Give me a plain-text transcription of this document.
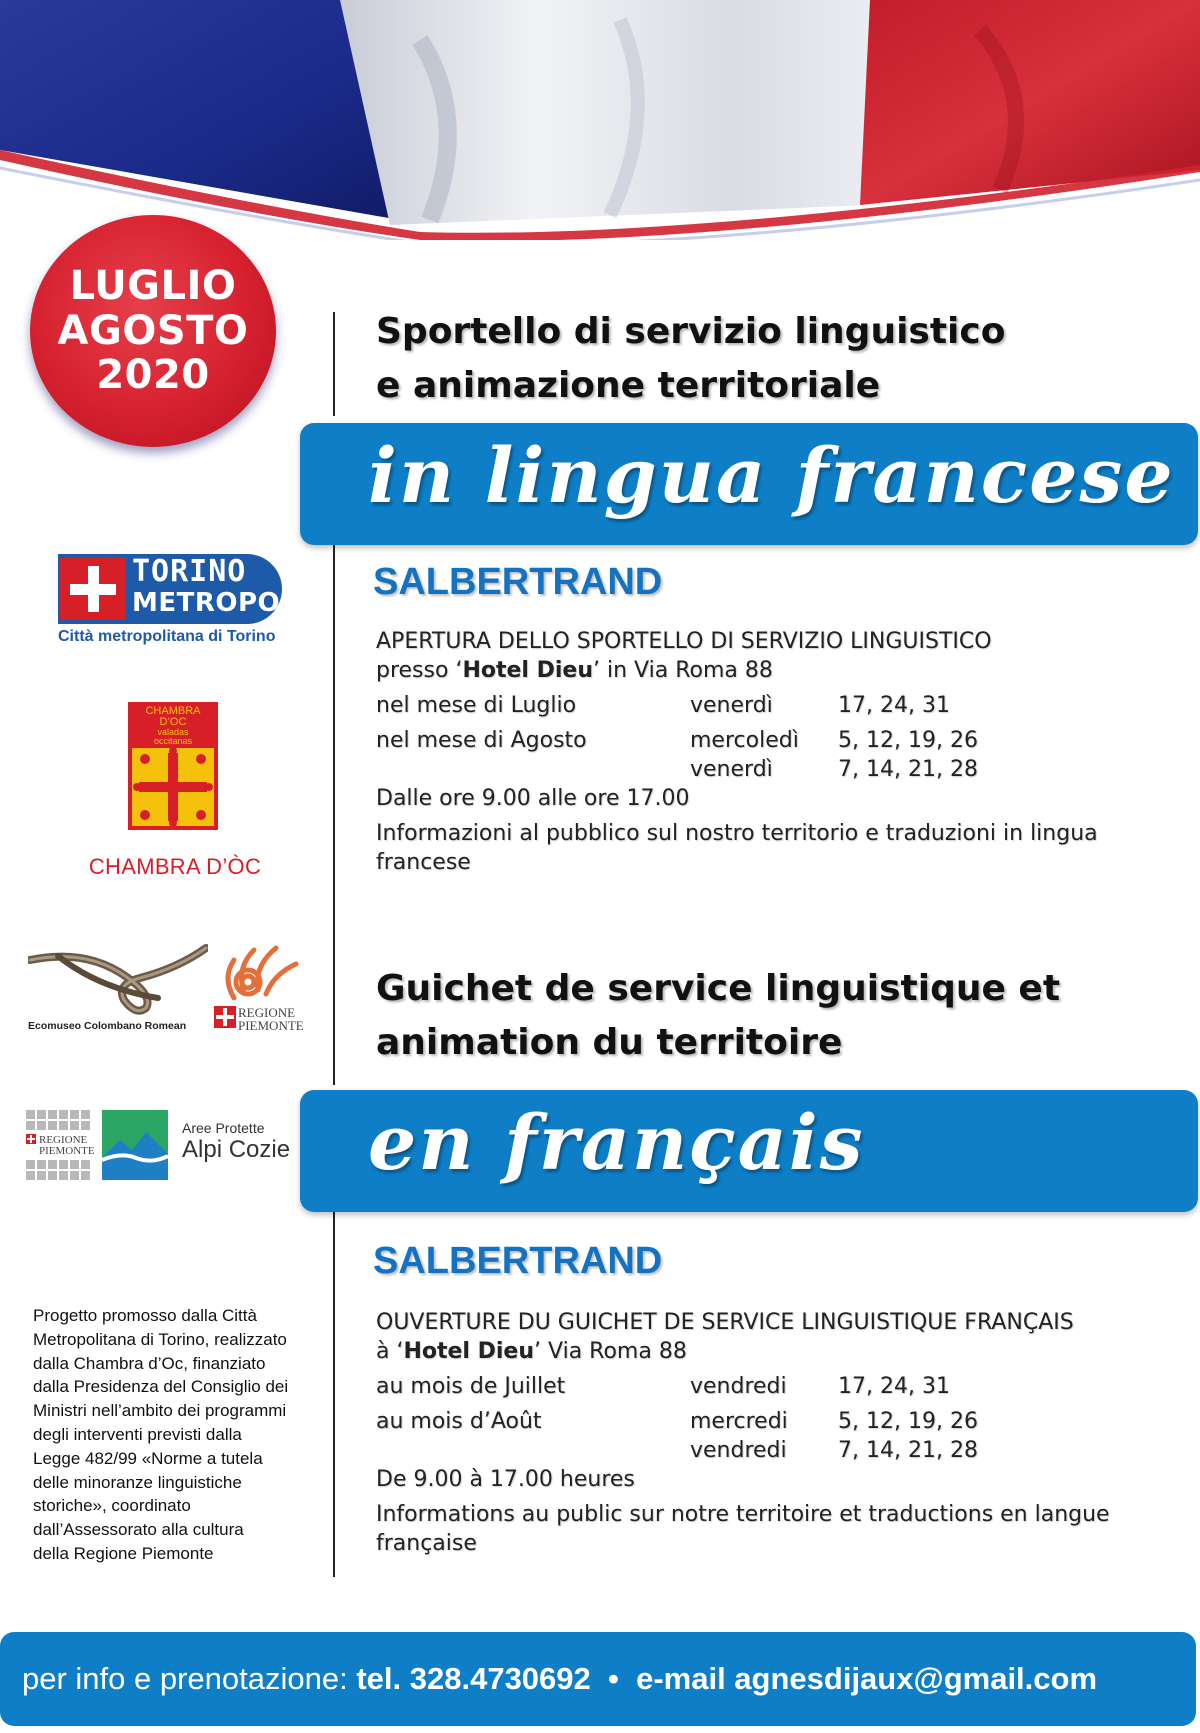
LUGLIO
AGOSTO
2020
Sportello di servizio linguistico
e animazione territoriale
in lingua francese
SALBERTRAND
APERTURA DELLO SPORTELLO DI SERVIZIO LINGUISTICO
presso ‘Hotel Dieu’ in Via Roma 88
nel mese di Luglio	venerdì	17, 24, 31
nel mese di Agosto	mercoledì	5, 12, 19, 26
venerdì	7, 14, 21, 28
Dalle ore 9.00 alle ore 17.00
Informazioni al pubblico sul nostro territorio e traduzioni in lingua
francese
Guichet de service linguistique et
animation du territoire
en français
SALBERTRAND
OUVERTURE DU GUICHET DE SERVICE LINGUISTIQUE FRANÇAIS
à ‘Hotel Dieu’ Via Roma 88
au mois de Juillet	vendredi	17, 24, 31
au mois d’Août	mercredi	5, 12, 19, 26
vendredi	7, 14, 21, 28
De 9.00 à 17.00 heures
Informations au public sur notre territoire et traductions en langue
française
TORINO
METROPOLI
Città metropolitana di Torino
CHAMBRA
D’OC
valadas
occitanas
CHAMBRA D’ÒC
Ecomuseo Colombano Romean
REGIONE
PIEMONTE
REGIONE
PIEMONTE
Aree Protette
Alpi Cozie
Progetto promosso dalla Città
Metropolitana di Torino, realizzato
dalla Chambra d’Oc, finanziato
dalla Presidenza del Consiglio dei
Ministri nell’ambito dei programmi
degli interventi previsti dalla
Legge 482/99 «Norme a tutela
delle minoranze linguistiche
storiche», coordinato
dall’Assessorato alla cultura
della Regione Piemonte
per info e prenotazione: tel. 328.4730692  •  e-mail agnesdijaux@gmail.com
